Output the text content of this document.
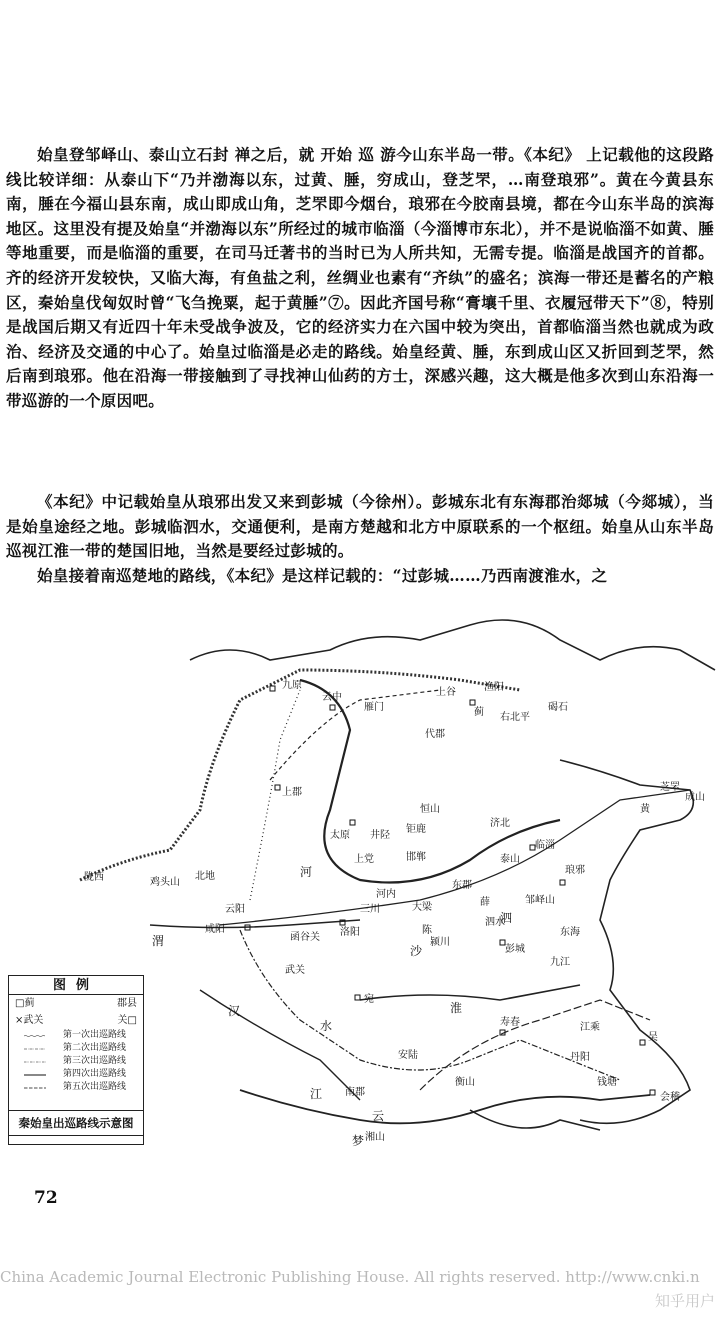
始皇登邹峄山、泰山立石封 禅之后，就 开始 巡 游今山东半岛一带。《本纪》 上记载他的这段路线比较详细：从泰山下“乃并渤海以东，过黄、腄，穷成山，登芝罘，…南登琅邪”。黄在今黄县东南，腄在今福山县东南，成山即成山角，芝罘即今烟台，琅邪在今胶南县境，都在今山东半岛的滨海地区。这里没有提及始皇“并渤海以东”所经过的城市临淄（今淄博市东北），并不是说临淄不如黄、腄等地重要，而是临淄的重要，在司马迁著书的当时已为人所共知，无需专提。临淄是战国齐的首都。齐的经济开发较快，又临大海，有鱼盐之利，丝绸业也素有“齐纨”的盛名；滨海一带还是蓄名的产粮区，秦始皇伐匈奴时曾“飞刍挽粟，起于黄腄”⑦。因此齐国号称“膏壤千里、衣履冠带天下”⑧，特别是战国后期又有近四十年未受战争波及，它的经济实力在六国中较为突出，首都临淄当然也就成为政治、经济及交通的中心了。始皇过临淄是必走的路线。始皇经黄、腄，东到成山区又折回到芝罘，然后南到琅邪。他在沿海一带接触到了寻找神山仙药的方士，深感兴趣，这大概是他多次到山东沿海一带巡游的一个原因吧。
《本纪》中记载始皇从琅邪出发又来到彭城（今徐州）。彭城东北有东海郡治郯城（今郯城），当是始皇途经之地。彭城临泗水，交通便利，是南方楚越和北方中原联系的一个枢纽。始皇从山东半岛巡视江淮一带的楚国旧地，当然是要经过彭城的。
始皇接着南巡楚地的路线，《本纪》是这样记载的：“过彭城……乃西南渡淮水，之
九原
云中
雁门
上谷	渔阳
右北平
碣石
代郡
蓟
上郡
太原 井陉
恒山
钜鹿
济北
芝罘
成山
邯郸
上党
黄
临淄
琅邪
泰山
邹峄山
东海
河内
东郡
大梁	薛
彭城
三川
陈
泗水
北地
陇西
咸阳
云阳
函谷关 洛阳
武关
宛
寿春
衡山
安陆	丹阳
江乘
吴
钱塘
会稽
南郡
湘山
鸡头山
颍川
九江
河
淮
水
泗
江
汉
渭
云
沙
梦
图例
□蓟	郡县
×武关	关□
第一次出巡路线
第二次出巡路线
第三次出巡路线
第四次出巡路线
第五次出巡路线
秦始皇出巡路线示意图
72
China Academic Journal Electronic Publishing House. All rights reserved. http://www.cnki.n
知乎用户
